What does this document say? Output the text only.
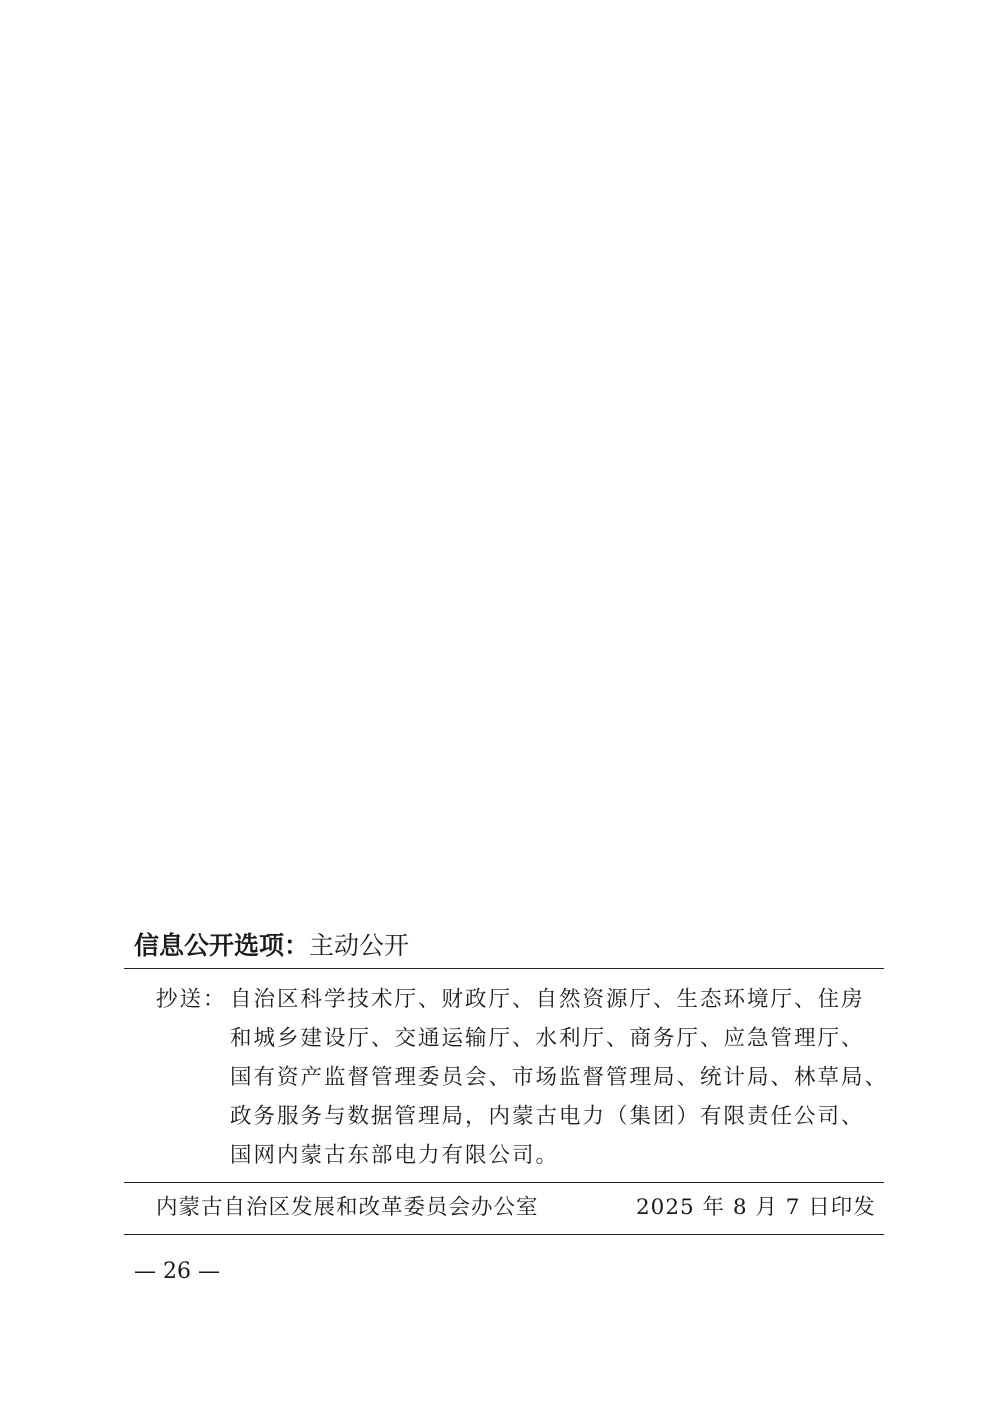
信息公开选项：主动公开
抄送： 自治区科学技术厅、财政厅、自然资源厅、生态环境厅、住房
和城乡建设厅、交通运输厅、水利厅、商务厅、应急管理厅、
国有资产监督管理委员会、市场监督管理局、统计局、林草局、
政务服务与数据管理局，内蒙古电力（集团）有限责任公司、
国网内蒙古东部电力有限公司。
内蒙古自治区发展和改革委员会办公室	2025 年 8 月 7 日印发
— 26 —
